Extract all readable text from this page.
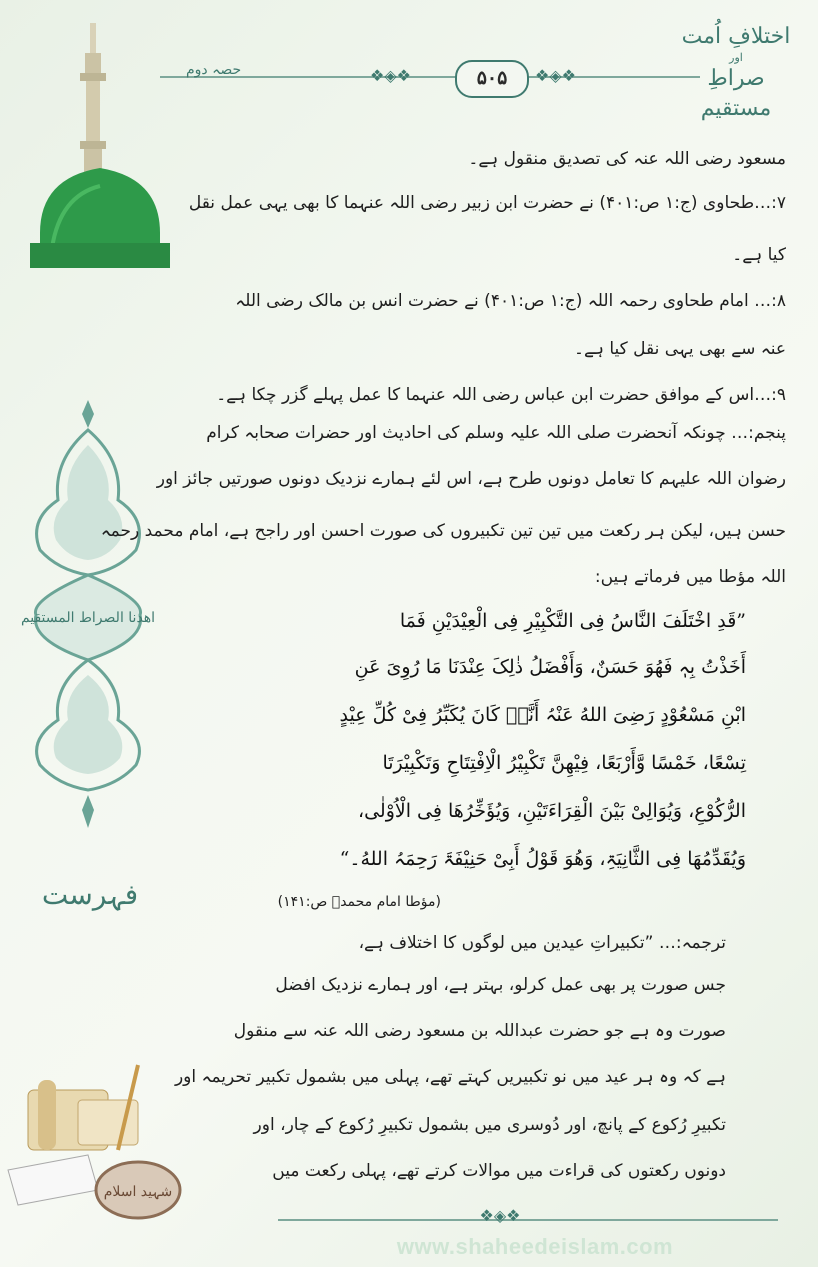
اهدنا الصراط المستقيم
فہرست
شہید اسلام
اختلافِ اُمت
اور
صراطِ مستقیم
❖◈❖	❖◈❖
۵۰۵
حصہ دوم
مسعود رضی اللہ عنہ کی تصدیق منقول ہے۔
۷:…طحاوی (ج:۱ ص:۴۰۱) نے حضرت ابن زبیر رضی اللہ عنہما کا بھی یہی عمل نقل
کیا ہے۔
۸:… امام طحاوی رحمہ اللہ (ج:۱ ص:۴۰۱) نے حضرت انس بن مالک رضی اللہ
عنہ سے بھی یہی نقل کیا ہے۔
۹:…اس کے موافق حضرت ابن عباس رضی اللہ عنہما کا عمل پہلے گزر چکا ہے۔
پنجم:… چونکہ آنحضرت صلی اللہ علیہ وسلم کی احادیث اور حضرات صحابہ کرام
رضوان اللہ علیہم کا تعامل دونوں طرح ہے، اس لئے ہمارے نزدیک دونوں صورتیں جائز اور
حسن ہیں، لیکن ہر رکعت میں تین تین تکبیروں کی صورت احسن اور راجح ہے، امام محمد رحمہ
اللہ مؤطا میں فرماتے ہیں:
”قَدِ اخْتَلَفَ النَّاسُ فِی التَّکْبِیْرِ فِی الْعِیْدَیْنِ فَمَا
أَخَذْتُ بِہٖ فَھُوَ حَسَنٌ، وَأَفْضَلُ ذٰلِکَ عِنْدَنَا مَا رُوِیَ عَنِ
ابْنِ مَسْعُوْدٍ رَضِیَ اللهُ عَنْہُ أَنَّہٗ کَانَ یُکَبِّرُ فِیْ کُلِّ عِیْدٍ
تِسْعًا، خَمْسًا وَّأَرْبَعًا، فِیْھِنَّ تَکْبِیْرُ الْاِفْتِتَاحِ وَتَکْبِیْرَتَا
الرُّکُوْعِ، وَیُوَالِیْ بَیْنَ الْقِرَاءَتَیْنِ، وَیُؤَخِّرُھَا فِی الْاُوْلٰی،
وَیُقَدِّمُھَا فِی الثَّانِیَۃِ، وَھُوَ قَوْلُ أَبِیْ حَنِیْفَۃَ رَحِمَہُ اللهُ۔“
(مؤطا امام محمدؒ ص:۱۴۱)
ترجمہ:… ”تکبیراتِ عیدین میں لوگوں کا اختلاف ہے،
جس صورت پر بھی عمل کرلو، بہتر ہے، اور ہمارے نزدیک افضل
صورت وہ ہے جو حضرت عبداللہ بن مسعود رضی اللہ عنہ سے منقول
ہے کہ وہ ہر عید میں نو تکبیریں کہتے تھے، پہلی میں بشمول تکبیر تحریمہ اور
تکبیرِ رُکوع کے پانچ، اور دُوسری میں بشمول تکبیرِ رُکوع کے چار، اور
دونوں رکعتوں کی قراءت میں موالات کرتے تھے، پہلی رکعت میں
❖◈❖
www.shaheedeislam.com
